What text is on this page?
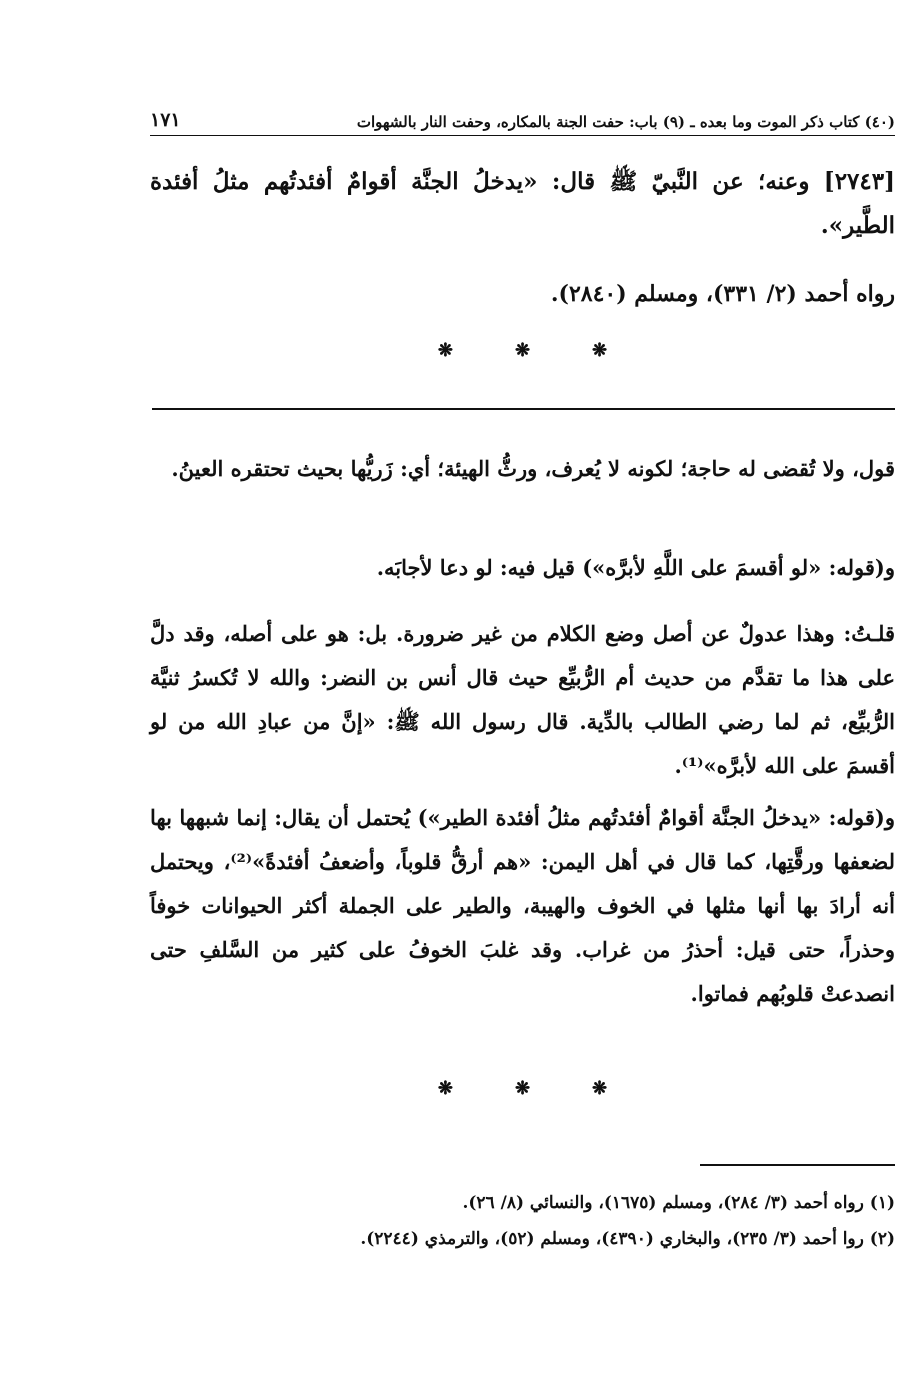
(٤٠) كتاب ذكر الموت وما بعده ـ (٩) باب: حفت الجنة بالمكاره، وحفت النار بالشهوات
١٧١

[٢٧٤٣] وعنه؛ عن النَّبيّ ﷺ قال: «يدخلُ الجنَّة أقوامٌ أفئدتُهم مثلُ أفئدة الطَّير».

رواه أحمد (٢/ ٣٣١)، ومسلم (٢٨٤٠).

❋	❋	❋

قول، ولا تُقضى له حاجة؛ لكونه لا يُعرف، ورثُّ الهيئة؛ أي: زَريُّها بحيث تحتقره العينُ.

و(قوله: «لو أقسمَ على اللَّهِ لأبرَّه») قيل فيه: لو دعا لأجابَه.

قلـتُ: وهذا عدولٌ عن أصل وضع الكلام من غير ضرورة. بل: هو على أصله، وقد دلَّ على هذا ما تقدَّم من حديث أم الرُّبيِّع حيث قال أنس بن النضر: والله لا تُكسرُ ثنيَّة الرُّبيِّع، ثم لما رضي الطالب بالدِّية. قال رسول الله ﷺ: «إنَّ من عبادِ الله من لو أقسمَ على الله لأبرَّه»⁽¹⁾.

و(قوله: «يدخلُ الجنَّة أقوامٌ أفئدتُهم مثلُ أفئدة الطير») يُحتمل أن يقال: إنما شبهها بها لضعفها ورقَّتِها، كما قال في أهل اليمن: «هم أرقُّ قلوباً، وأضعفُ أفئدةً»⁽²⁾، ويحتمل أنه أرادَ بها أنها مثلها في الخوف والهيبة، والطير على الجملة أكثر الحيوانات خوفاً وحذراً، حتى قيل: أحذرُ من غراب. وقد غلبَ الخوفُ على كثير من السَّلفِ حتى انصدعتْ قلوبُهم فماتوا.

❋	❋	❋

(١) رواه أحمد (٣/ ٢٨٤)، ومسلم (١٦٧٥)، والنسائي (٨/ ٢٦).

(٢) روا أحمد (٣/ ٢٣٥)، والبخاري (٤٣٩٠)، ومسلم (٥٢)، والترمذي (٢٢٤٤).
